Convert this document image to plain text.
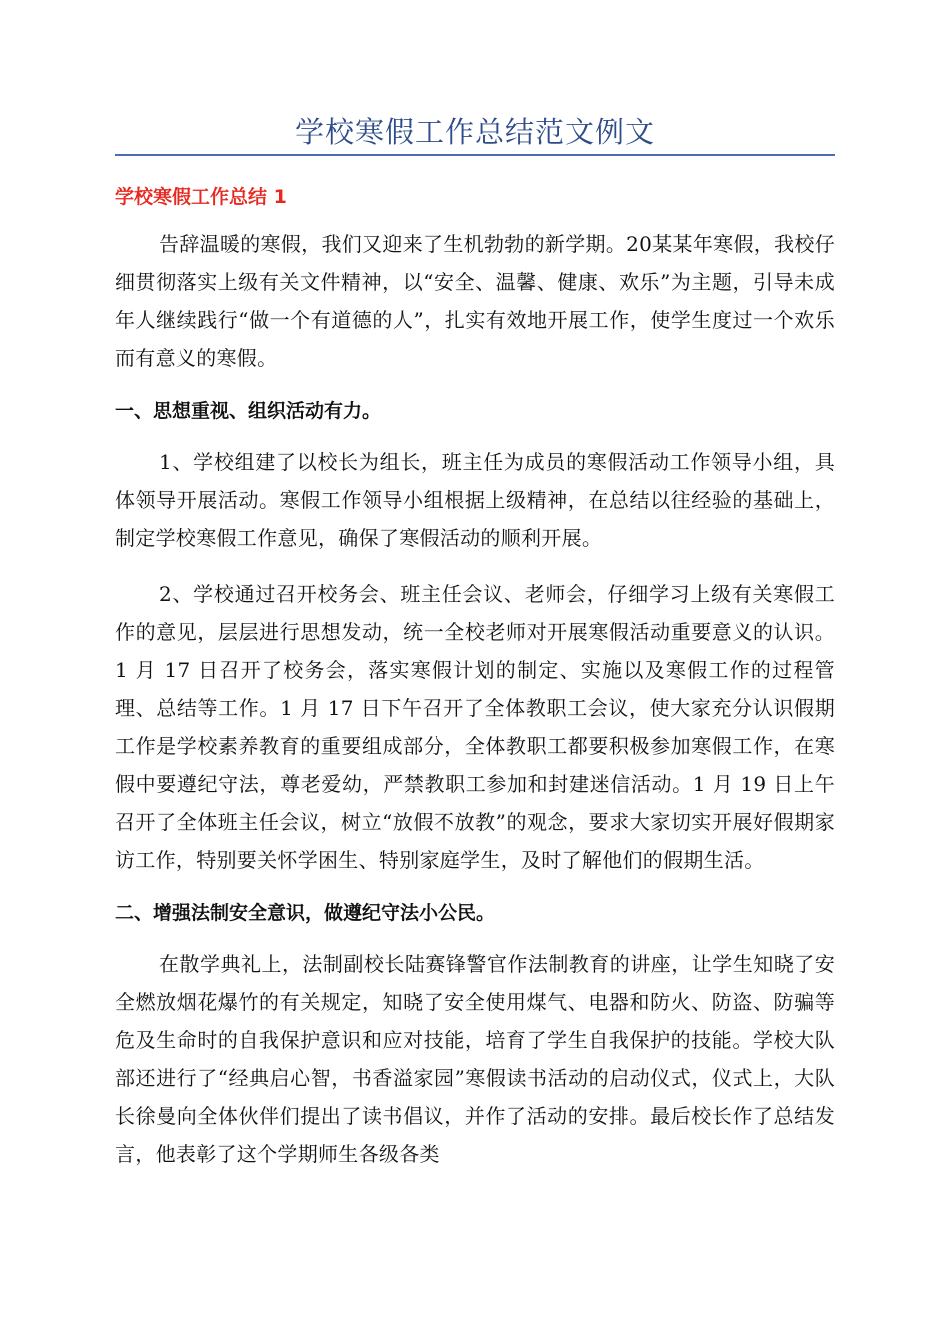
学校寒假工作总结范文例文
学校寒假工作总结 1

告辞温暖的寒假，我们又迎来了生机勃勃的新学期。20某某年寒假，我校仔细贯彻落实上级有关文件精神，以“安全、温馨、健康、欢乐”为主题，引导未成年人继续践行“做一个有道德的人”，扎实有效地开展工作，使学生度过一个欢乐而有意义的寒假。

一、思想重视、组织活动有力。

1、学校组建了以校长为组长，班主任为成员的寒假活动工作领导小组，具体领导开展活动。寒假工作领导小组根据上级精神，在总结以往经验的基础上，制定学校寒假工作意见，确保了寒假活动的顺利开展。

2、学校通过召开校务会、班主任会议、老师会，仔细学习上级有关寒假工作的意见，层层进行思想发动，统一全校老师对开展寒假活动重要意义的认识。1 月 17 日召开了校务会，落实寒假计划的制定、实施以及寒假工作的过程管理、总结等工作。1 月 17 日下午召开了全体教职工会议，使大家充分认识假期工作是学校素养教育的重要组成部分，全体教职工都要积极参加寒假工作，在寒假中要遵纪守法，尊老爱幼，严禁教职工参加和封建迷信活动。1 月 19 日上午召开了全体班主任会议，树立“放假不放教”的观念，要求大家切实开展好假期家访工作，特别要关怀学困生、特别家庭学生，及时了解他们的假期生活。

二、增强法制安全意识，做遵纪守法小公民。

在散学典礼上，法制副校长陆赛锋警官作法制教育的讲座，让学生知晓了安全燃放烟花爆竹的有关规定，知晓了安全使用煤气、电器和防火、防盗、防骗等危及生命时的自我保护意识和应对技能，培育了学生自我保护的技能。学校大队部还进行了“经典启心智，书香溢家园”寒假读书活动的启动仪式，仪式上，大队长徐曼向全体伙伴们提出了读书倡议，并作了活动的安排。最后校长作了总结发言，他表彰了这个学期师生各级各类
